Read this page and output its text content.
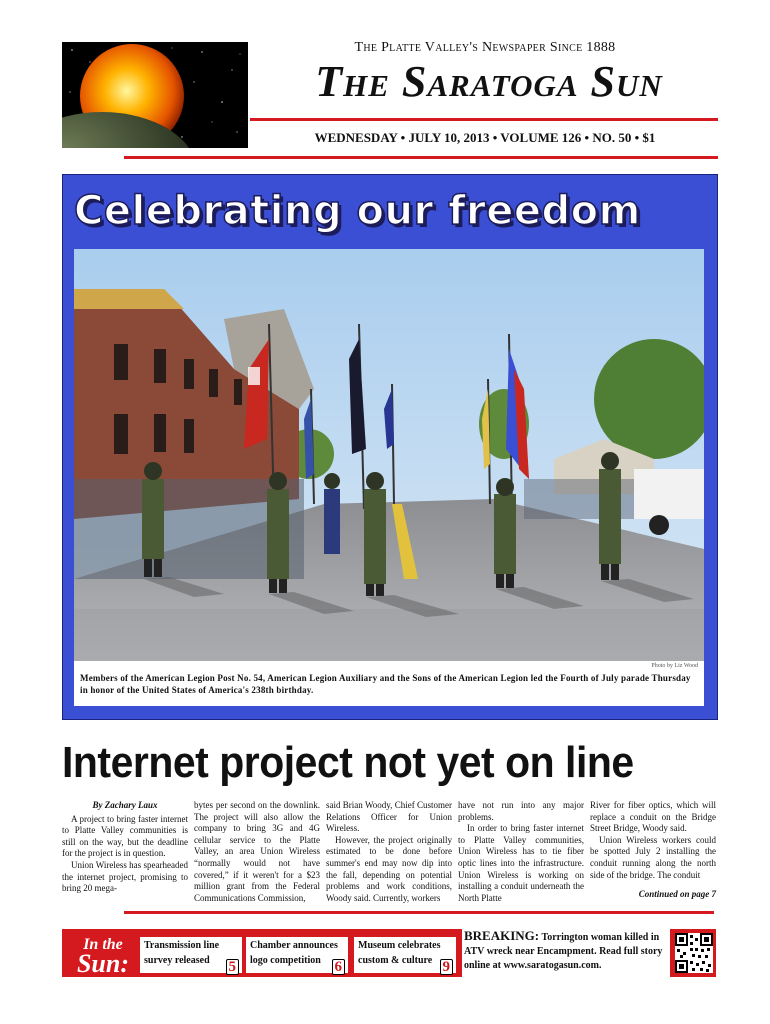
The Platte Valley's Newspaper Since 1888
The Saratoga Sun
WEDNESDAY • JULY 10, 2013 • VOLUME 126 • NO. 50 • $1
Celebrating our freedom
Photo by Liz Wood
Members of the American Legion Post No. 54, American Legion Auxiliary and the Sons of the American Legion led the Fourth of July parade Thursday in honor of the United States of America's 238th birthday.
Internet project not yet on line

By Zachary Laux

A project to bring faster internet to Platte Valley communities is still on the way, but the deadline for the project is in question.

Union Wireless has spearheaded the internet project, promising to bring 20 mega-

bytes per second on the downlink. The project will also allow the company to bring 3G and 4G cellular service to the Platte Valley, an area Union Wireless “normally would not have covered,” if it weren't for a $23 million grant from the Federal Communications Commission,

said Brian Woody, Chief Customer Relations Officer for Union Wireless.

However, the project originally estimated to be done before summer's end may now dip into the fall, depending on potential problems and work conditions, Woody said. Currently, workers

have not run into any major problems.

In order to bring faster internet to Platte Valley communities, Union Wireless has to tie fiber optic lines into the infrastructure. Union Wireless is working on installing a conduit underneath the North Platte

River for fiber optics, which will replace a conduit on the Bridge Street Bridge, Woody said.

Union Wireless workers could be spotted July 2 installing the conduit running along the north side of the bridge. The conduit

Continued on page 7
In the
Sun:
Transmission line survey released 5
Chamber announces logo competition 6
Museum celebrates custom & culture 9
BREAKING: Torrington woman killed in ATV wreck near Encampment. Read full story online at www.saratogasun.com.
